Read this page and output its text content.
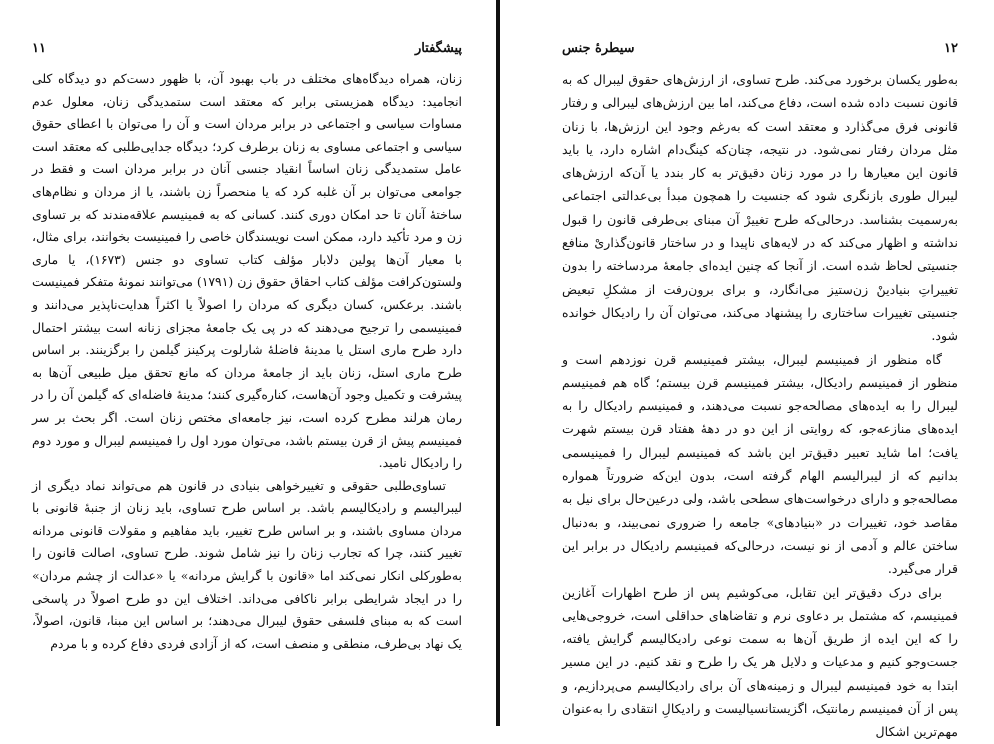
پیشگفتار
۱۱

زنان، همراه دیدگاه‌های مختلف در باب بهبود آن، با ظهور دست‌کم دو دیدگاه کلی انجامید: دیدگاه همزیستی برابر که معتقد است ستمدیدگی زنان، معلول عدم مساوات سیاسی و اجتماعی در برابر مردان است و آن را می‌توان با اعطای حقوق سیاسی و اجتماعی مساوی به زنان برطرف کرد؛ دیدگاه جدایی‌طلبی که معتقد است عامل ستمدیدگی زنان اساساً انقیاد جنسی آنان در برابر مردان است و فقط در جوامعی می‌توان بر آن غلبه کرد که یا منحصراً زن باشند، یا از مردان و نظام‌های ساختهٔ آنان تا حد امکان دوری کنند. کسانی که به فمینیسم علاقه‌مندند که بر تساوی زن و مرد تأکید دارد، ممکن است نویسندگان خاصی را فمینیست بخوانند، برای مثال، با معیار آن‌ها پولین دلابار مؤلف کتاب تساوی دو جنس (۱۶۷۳)، یا ماری ولستون‌کرافت مؤلف کتاب احقاق حقوق زن (۱۷۹۱) می‌توانند نمونهٔ متفکر فمینیست باشند. برعکس، کسان دیگری که مردان را اصولاً یا اکثراً هدایت‌ناپذیر می‌دانند و فمینیسمی را ترجیح می‌دهند که در پی یک جامعهٔ مجزای زنانه است بیشتر احتمال دارد طرح ماری استل یا مدینهٔ فاضلهٔ شارلوت پرکینز گیلمن را برگزینند. بر اساس طرح ماری استل، زنان باید از جامعهٔ مردان که مانع تحقق میل طبیعی آن‌ها به پیشرفت و تکمیل وجود آن‌هاست، کناره‌گیری کنند؛ مدینهٔ فاضله‌ای که گیلمن آن را در رمان هرلند مطرح کرده است، نیز جامعه‌ای مختص زنان است. اگر بحث بر سر فمینیسم پیش از قرن بیستم باشد، می‌توان مورد اول را فمینیسم لیبرال و مورد دوم را رادیکال نامید.

تساوی‌طلبی حقوقی و تغییرخواهی بنیادی در قانون هم می‌تواند نماد دیگری از لیبرالیسم و رادیکالیسم باشد. بر اساس طرح تساوی، باید زنان از جنبهٔ قانونی با مردان مساوی باشند، و بر اساس طرح تغییر، باید مفاهیم و مقولات قانونی مردانه تغییر کنند، چرا که تجارب زنان را نیز شامل شوند. طرح تساوی، اصالت قانون را به‌طورکلی انکار نمی‌کند اما «قانون با گرایش مردانه» یا «عدالت از چشم مردان» را در ایجاد شرایطی برابر ناکافی می‌داند. اختلاف این دو طرح اصولاً در پاسخی است که به مبنای فلسفی حقوق لیبرال می‌دهند؛ بر اساس این مبنا، قانون، اصولاً، یک نهاد بی‌طرف، منطقی و منصف است، که از آزادی فردی دفاع کرده و با مردم

۱۲
سیطرهٔ جنس

به‌طور یکسان برخورد می‌کند. طرح تساوی، از ارزش‌های حقوق لیبرال که به قانون نسبت داده شده است، دفاع می‌کند، اما بین ارزش‌های لیبرالی و رفتار قانونی فرق می‌گذارد و معتقد است که به‌رغم وجود این ارزش‌ها، با زنان مثل مردان رفتار نمی‌شود. در نتیجه، چنان‌که کینگ‌دام اشاره دارد، یا باید قانون این معیارها را در مورد زنان دقیق‌تر به کار بندد یا آن‌که ارزش‌های لیبرال طوری بازنگری شود که جنسیت را همچون مبدأ بی‌عدالتی اجتماعی به‌رسمیت بشناسد. درحالی‌که طرح تغییرْ آن مبنای بی‌طرفی قانون را قبول نداشته و اظهار می‌کند که در لایه‌های ناپیدا و در ساختار قانون‌گذاریْ منافع جنسیتی لحاظ شده است. از آنجا که چنین ایده‌ای جامعهٔ مردساخته را بدون تغییراتِ بنیادینْ زن‌ستیز می‌انگارد، و برای برون‌رفت از مشکلِ تبعیض جنسیتی تغییرات ساختاری را پیشنهاد می‌کند، می‌توان آن را رادیکال خوانده شود.

گاه منظور از فمینیسم لیبرال، بیشتر فمینیسم قرن نوزدهم است و منظور از فمینیسم رادیکال، بیشتر فمینیسم قرن بیستم؛ گاه هم فمینیسم لیبرال را به ایده‌های مصالحه‌جو نسبت می‌دهند، و فمینیسم رادیکال را به ایده‌های منازعه‌جو، که روایتی از این دو در دههٔ هفتاد قرن بیستم شهرت یافت؛ اما شاید تعبیر دقیق‌تر این باشد که فمینیسم لیبرال را فمینیسمی بدانیم که از لیبرالیسم الهام گرفته است، بدون این‌که ضرورتاً همواره مصالحه‌جو و دارای درخواست‌های سطحی باشد، ولی درعین‌حال برای نیل به مقاصد خود، تغییرات در «بنیادهای» جامعه را ضروری نمی‌بیند، و به‌دنبال ساختن عالم و آدمی از نو نیست، درحالی‌که فمینیسم رادیکال در برابر این قرار می‌گیرد.

برای درک دقیق‌تر این تقابل، می‌کوشیم پس از طرح اظهارات آغازین فمینیسم، که مشتمل بر دعاوی نرم و تقاضاهای حداقلی است، خروجی‌هایی را که این ایده از طریق آن‌ها به سمت نوعی رادیکالیسم گرایش یافته، جست‌وجو کنیم و مدعیات و دلایل هر یک را طرح و نقد کنیم. در این مسیر ابتدا به خود فمینیسم لیبرال و زمینه‌های آن برای رادیکالیسم می‌پردازیم، و پس از آن فمینیسم رمانتیک، اگزیستانسیالیست و رادیکالِ انتقادی را به‌عنوان مهم‌ترین اشکال
